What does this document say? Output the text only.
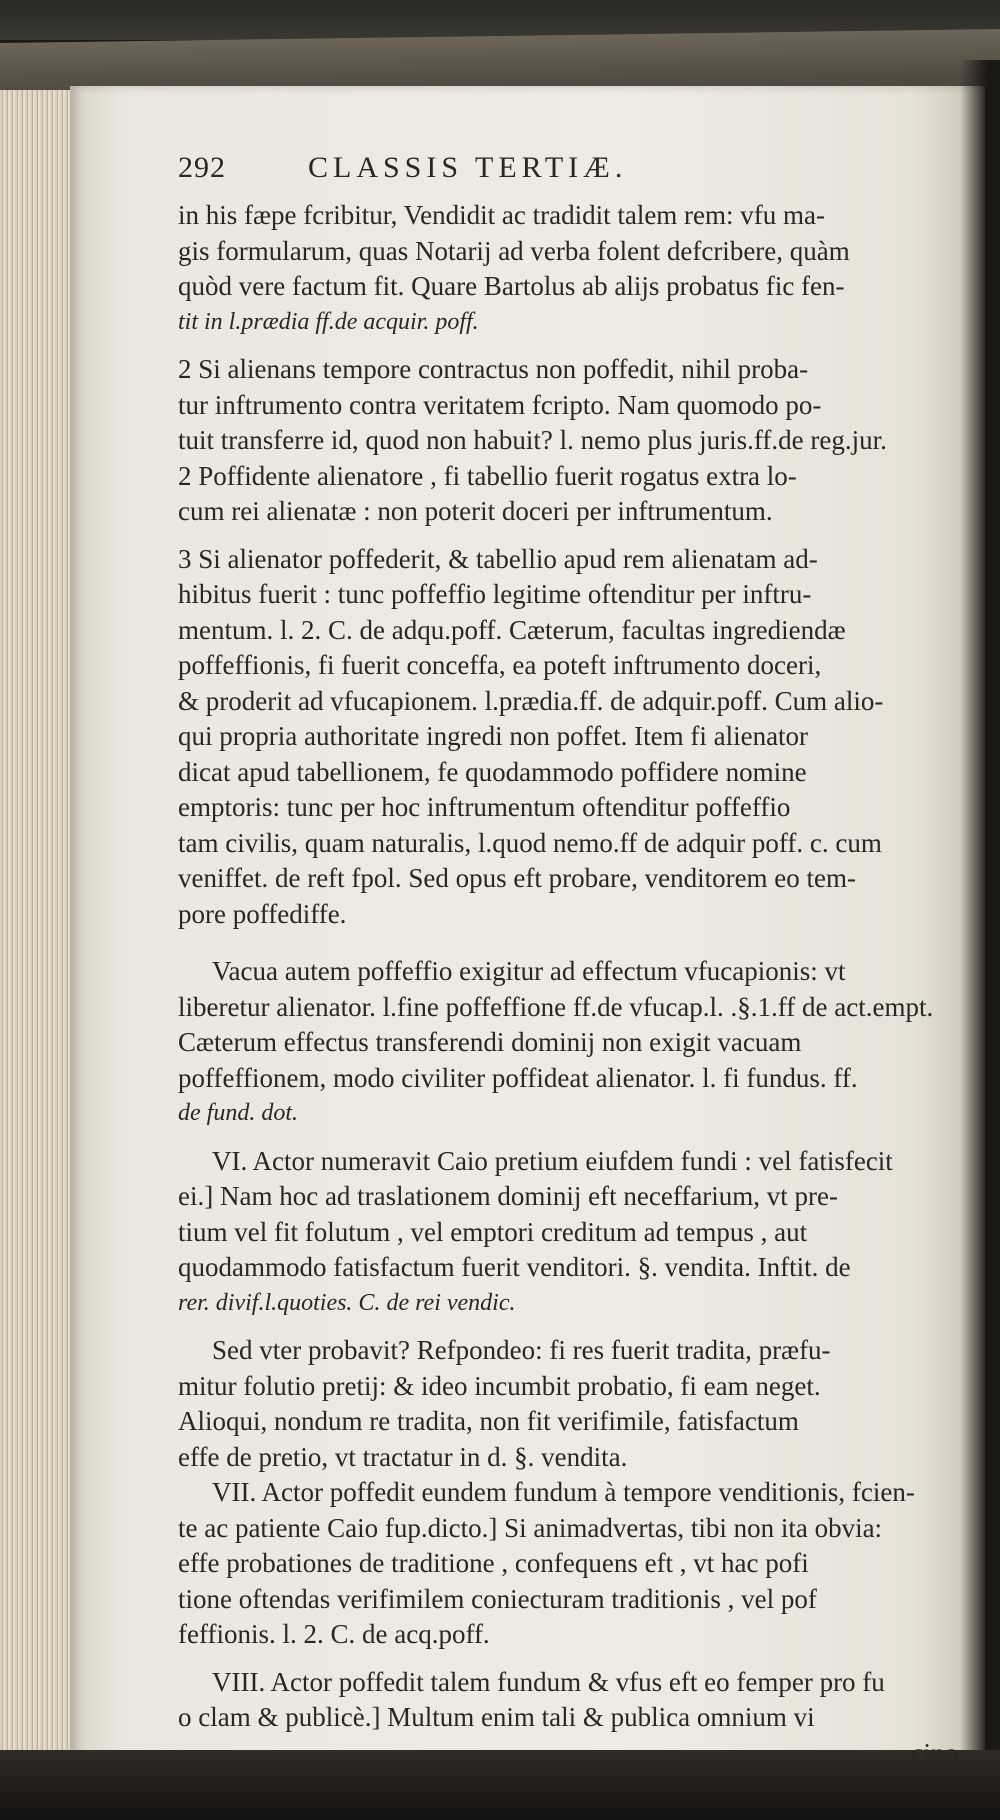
292	CLASSIS TERTIÆ.

in his fæpe fcribitur, Vendidit ac tradidit talem rem: vfu ma-

gis formularum, quas Notarij ad verba folent defcribere, quàm

quòd vere factum fit. Quare Bartolus ab alijs probatus fic fen-

tit in l.prædia ff.de acquir. poff.

2 Si alienans tempore contractus non poffedit, nihil proba-

tur inftrumento contra veritatem fcripto. Nam quomodo po-

tuit transferre id, quod non habuit? l. nemo plus juris.ff.de reg.jur.

2 Poffidente alienatore , fi tabellio fuerit rogatus extra lo-

cum rei alienatæ : non poterit doceri per inftrumentum.

3 Si alienator poffederit, & tabellio apud rem alienatam ad-

hibitus fuerit : tunc poffeffio legitime oftenditur per inftru-

mentum. l. 2. C. de adqu.poff. Cæterum, facultas ingrediendæ

poffeffionis, fi fuerit conceffa, ea poteft inftrumento doceri,

& proderit ad vfucapionem. l.prædia.ff. de adquir.poff. Cum alio-

qui propria authoritate ingredi non poffet. Item fi alienator

dicat apud tabellionem, fe quodammodo poffidere nomine

emptoris: tunc per hoc inftrumentum oftenditur poffeffio

tam civilis, quam naturalis, l.quod nemo.ff de adquir poff. c. cum

veniffet. de reft fpol. Sed opus eft probare, venditorem eo tem-

pore poffediffe.

Vacua autem poffeffio exigitur ad effectum vfucapionis: vt

liberetur alienator. l.fine poffeffione ff.de vfucap.l. .§.1.ff de act.empt.

Cæterum effectus transferendi dominij non exigit vacuam

poffeffionem, modo civiliter poffideat alienator. l. fi fundus. ff.

de fund. dot.

VI. Actor numeravit Caio pretium eiufdem fundi : vel fatisfecit

ei.] Nam hoc ad traslationem dominij eft neceffarium, vt pre-

tium vel fit folutum , vel emptori creditum ad tempus , aut

quodammodo fatisfactum fuerit venditori. §. vendita. Inftit. de

rer. divif.l.quoties. C. de rei vendic.

Sed vter probavit? Refpondeo: fi res fuerit tradita, præfu-

mitur folutio pretij: & ideo incumbit probatio, fi eam neget.

Alioqui, nondum re tradita, non fit verifimile, fatisfactum

effe de pretio, vt tractatur in d. §. vendita.

VII. Actor poffedit eundem fundum à tempore venditionis, fcien-

te ac patiente Caio fup.dicto.] Si animadvertas, tibi non ita obvia:

effe probationes de traditione , confequens eft , vt hac pofi

tione oftendas verifimilem coniecturam traditionis , vel pof

feffionis. l. 2. C. de acq.poff.

VIII. Actor poffedit talem fundum & vfus eft eo femper pro fu

o clam & publicè.] Multum enim tali & publica omnium vi

cino
